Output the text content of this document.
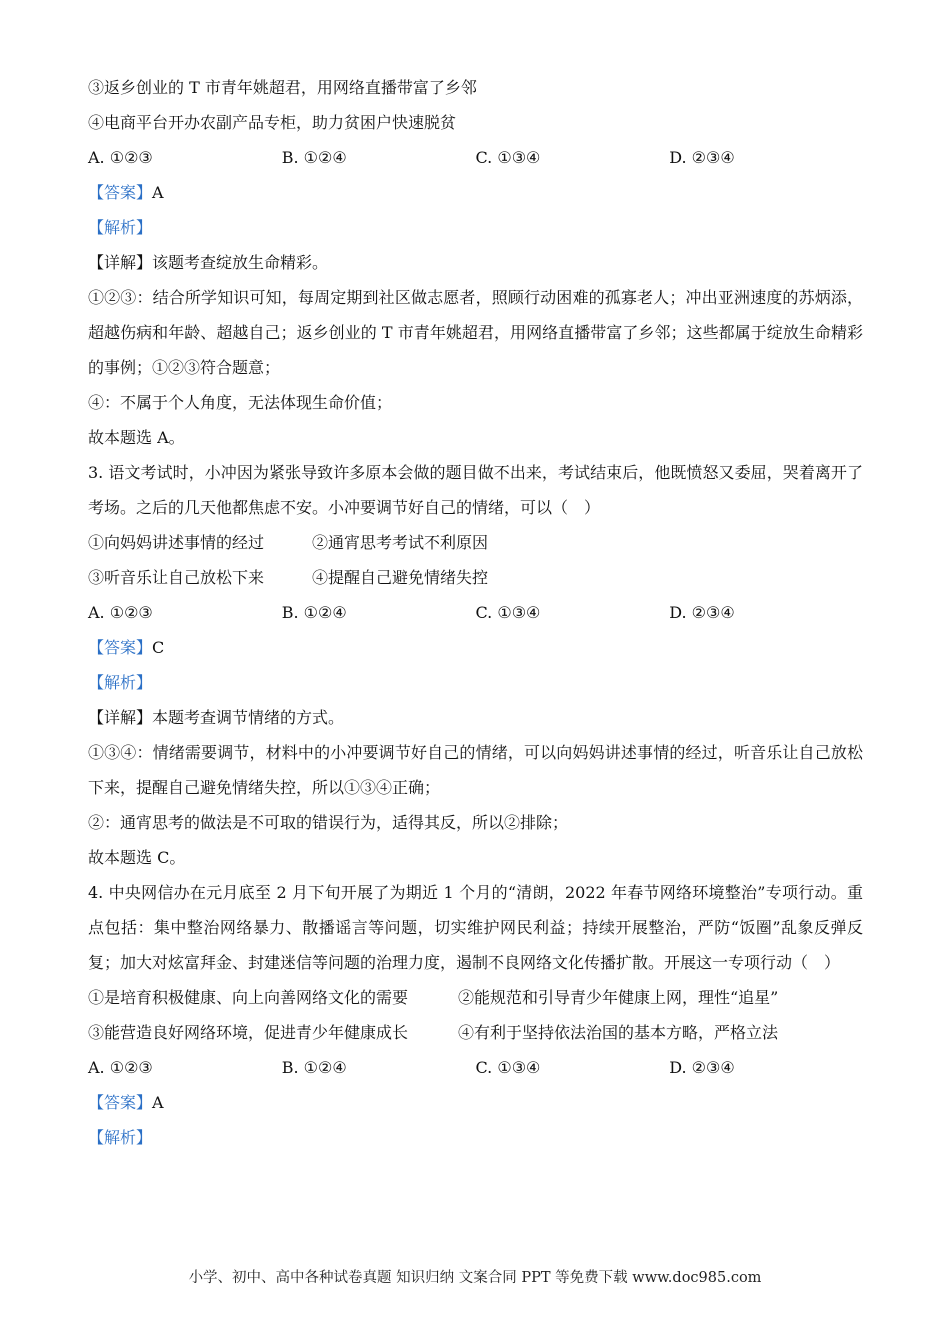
③返乡创业的 T 市青年姚超君，用网络直播带富了乡邻
④电商平台开办农副产品专柜，助力贫困户快速脱贫
A. ①②③	B. ①②④	C. ①③④	D. ②③④
【答案】A
【解析】
【详解】该题考查绽放生命精彩。
①②③：结合所学知识可知，每周定期到社区做志愿者，照顾行动困难的孤寡老人；冲出亚洲速度的苏炳添，超越伤病和年龄、超越自己；返乡创业的 T 市青年姚超君，用网络直播带富了乡邻；这些都属于绽放生命精彩的事例；①②③符合题意；
④：不属于个人角度，无法体现生命价值；
故本题选 A。
3. 语文考试时，小冲因为紧张导致许多原本会做的题目做不出来，考试结束后，他既愤怒又委屈，哭着离开了考场。之后的几天他都焦虑不安。小冲要调节好自己的情绪，可以（　）
①向妈妈讲述事情的经过	②通宵思考考试不利原因
③听音乐让自己放松下来	④提醒自己避免情绪失控
A. ①②③	B. ①②④	C. ①③④	D. ②③④
【答案】C
【解析】
【详解】本题考查调节情绪的方式。
①③④：情绪需要调节，材料中的小冲要调节好自己的情绪，可以向妈妈讲述事情的经过，听音乐让自己放松下来，提醒自己避免情绪失控，所以①③④正确；
②：通宵思考的做法是不可取的错误行为，适得其反，所以②排除；
故本题选 C。
4. 中央网信办在元月底至 2 月下旬开展了为期近 1 个月的“清朗，2022 年春节网络环境整治”专项行动。重点包括：集中整治网络暴力、散播谣言等问题，切实维护网民利益；持续开展整治，严防“饭圈”乱象反弹反复；加大对炫富拜金、封建迷信等问题的治理力度，遏制不良网络文化传播扩散。开展这一专项行动（　）
①是培育积极健康、向上向善网络文化的需要	②能规范和引导青少年健康上网，理性“追星”
③能营造良好网络环境，促进青少年健康成长	④有利于坚持依法治国的基本方略，严格立法
A. ①②③	B. ①②④	C. ①③④	D. ②③④
【答案】A
【解析】
小学、初中、高中各种试卷真题 知识归纳 文案合同 PPT 等免费下载 www.doc985.com
